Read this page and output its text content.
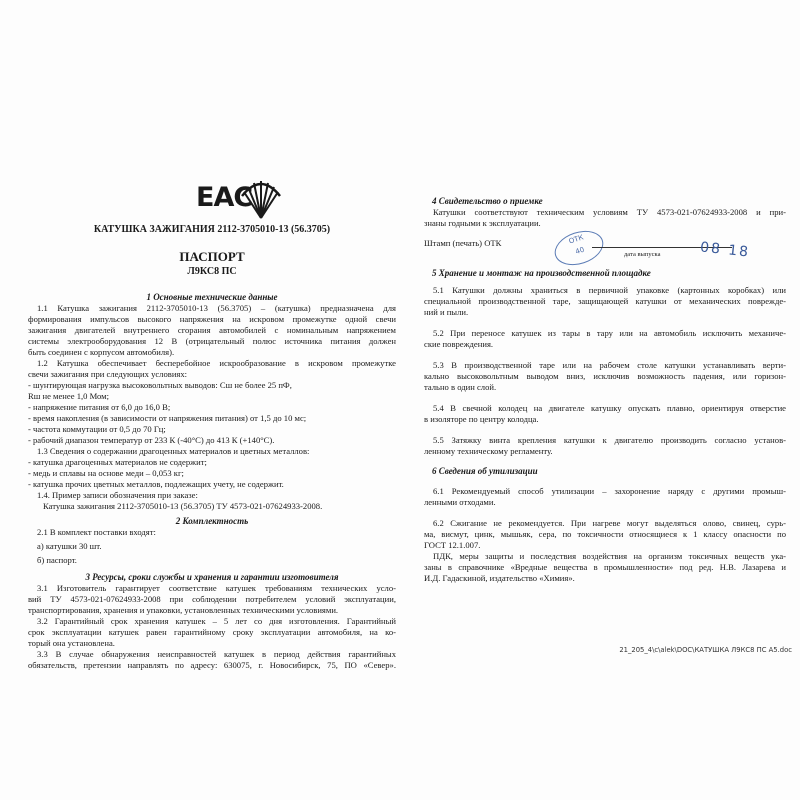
ЕАС
КАТУШКА ЗАЖИГАНИЯ 2112-3705010-13 (56.3705)
ПАСПОРТ
Л9КС8 ПС
1 Основные технические данные
1.1 Катушка зажигания 2112-3705010-13 (56.3705) – (катушка) предназначена для
формирования импульсов высокого напряжения на искровом промежутке одной свечи
зажигания двигателей внутреннего сгорания автомобилей с номинальным напряжением
системы электрооборудования 12 В (отрицательный полюс источника питания должен
быть соединен с корпусом автомобиля).
1.2 Катушка обеспечивает бесперебойное искрообразование в искровом промежутке
свечи зажигания при следующих условиях:
- шунтирующая нагрузка высоковольтных выводов: Сш не более 25 пФ,
Rш не менее 1,0 Мом;
- напряжение питания от 6,0 до 16,0 В;
- время накопления (в зависимости от напряжения питания) от 1,5 до 10 мс;
- частота коммутации от 0,5 до 70 Гц;
- рабочий диапазон температур от 233 К (-40°С) до 413 К (+140°С).
1.3 Сведения о содержании драгоценных материалов и цветных металлов:
- катушка драгоценных материалов не содержит;
- медь и сплавы на основе меди – 0,053 кг;
- катушка прочих цветных металлов, подлежащих учету, не содержит.
1.4. Пример записи обозначения при заказе:
Катушка зажигания 2112-3705010-13 (56.3705) ТУ 4573-021-07624933-2008.
2 Комплектность
2.1 В комплект поставки входят:
а) катушки 30 шт.
б) паспорт.
3 Ресурсы, сроки службы и хранения и гарантии изготовителя
3.1 Изготовитель гарантирует соответствие катушек требованиям технических усло-
вий ТУ 4573-021-07624933-2008 при соблюдении потребителем условий эксплуатации,
транспортирования, хранения и упаковки, установленных техническими условиями.
3.2 Гарантийный срок хранения катушек – 5 лет со дня изготовления. Гарантийный
срок эксплуатации катушек равен гарантийному сроку эксплуатации автомобиля, на ко-
торый она установлена.
3.3 В случае обнаружения неисправностей катушек в период действия гарантийных
обязательств, претензии направлять по адресу: 630075, г. Новосибирск, 75, ПО «Север».
4 Свидетельство о приемке
Катушки соответствуют техническим условиям ТУ 4573-021-07624933-2008 и при-
знаны годными к эксплуатации.
Штамп (печать) ОТК	ОТК
40	дата выпуска	08 18
5 Хранение и монтаж на производственной площадке
5.1 Катушки должны храниться в первичной упаковке (картонных коробках) или
специальной производственной таре, защищающей катушки от механических поврежде-
ний и пыли.
5.2 При переносе катушек из тары в тару или на автомобиль исключить механиче-
ские повреждения.
5.3 В производственной таре или на рабочем столе катушки устанавливать верти-
кально высоковольтным выводом вниз, исключив возможность падения, или горизон-
тально в один слой.
5.4 В свечной колодец на двигателе катушку опускать плавно, ориентируя отверстие
в изоляторе по центру колодца.
5.5 Затяжку винта крепления катушки к двигателю производить согласно установ-
ленному техническому регламенту.
6 Сведения об утилизации
6.1 Рекомендуемый способ утилизации – захоронение наряду с другими промыш-
ленными отходами.
6.2 Сжигание не рекомендуется. При нагреве могут выделяться олово, свинец, сурь-
ма, висмут, цинк, мышьяк, сера, по токсичности относящиеся к 1 классу опасности по
ГОСТ 12.1.007.
ПДК, меры защиты и последствия воздействия на организм токсичных веществ ука-
заны в справочнике «Вредные вещества в промышленности» под ред. Н.В. Лазарева и
И.Д. Гадаскиной, издательство «Химия».
21_205_4\c\alek\DOC\КАТУШКА Л9КС8 ПС А5.doc
